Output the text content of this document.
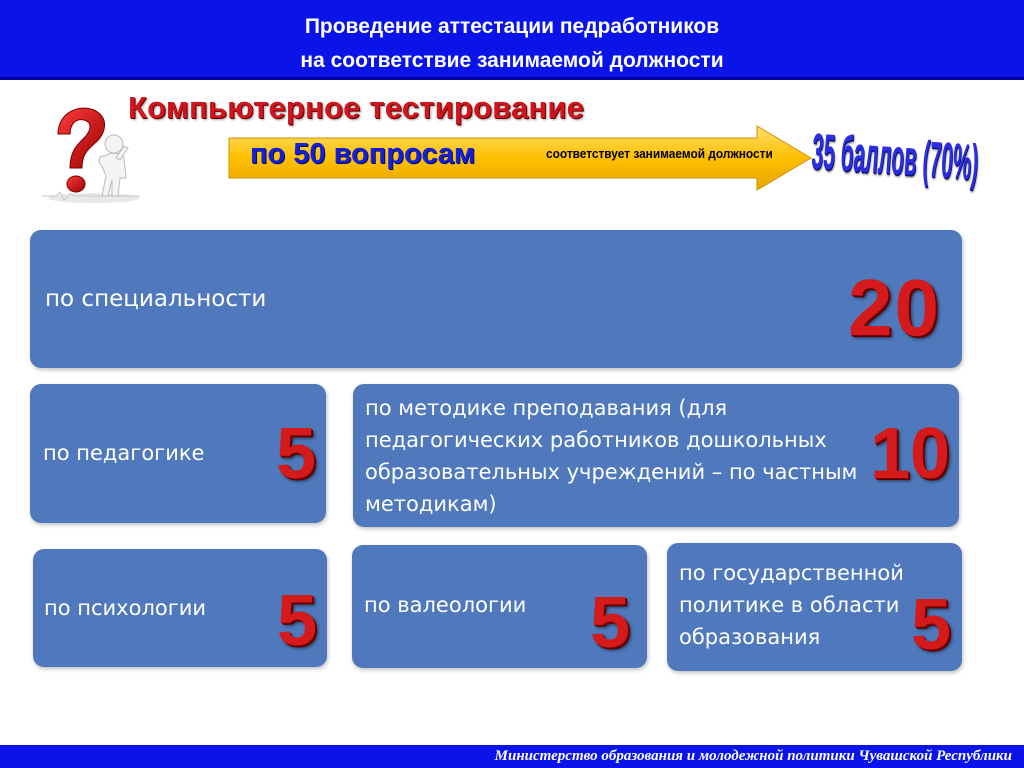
Проведение аттестации педработников
на соответствие занимаемой должности
Компьютерное тестирование
по 50 вопросам	соответствует занимаемой должности 35 баллов (70%)
по специальности	20
по педагогике 5
по методике преподавания (для педагогических работников дошкольных образовательных учреждений – по частным методикам)
10
по психологии 5 по валеологии 5
по государственной политике в области образования	5
Министерство образования и молодежной политики Чувашской Республики
